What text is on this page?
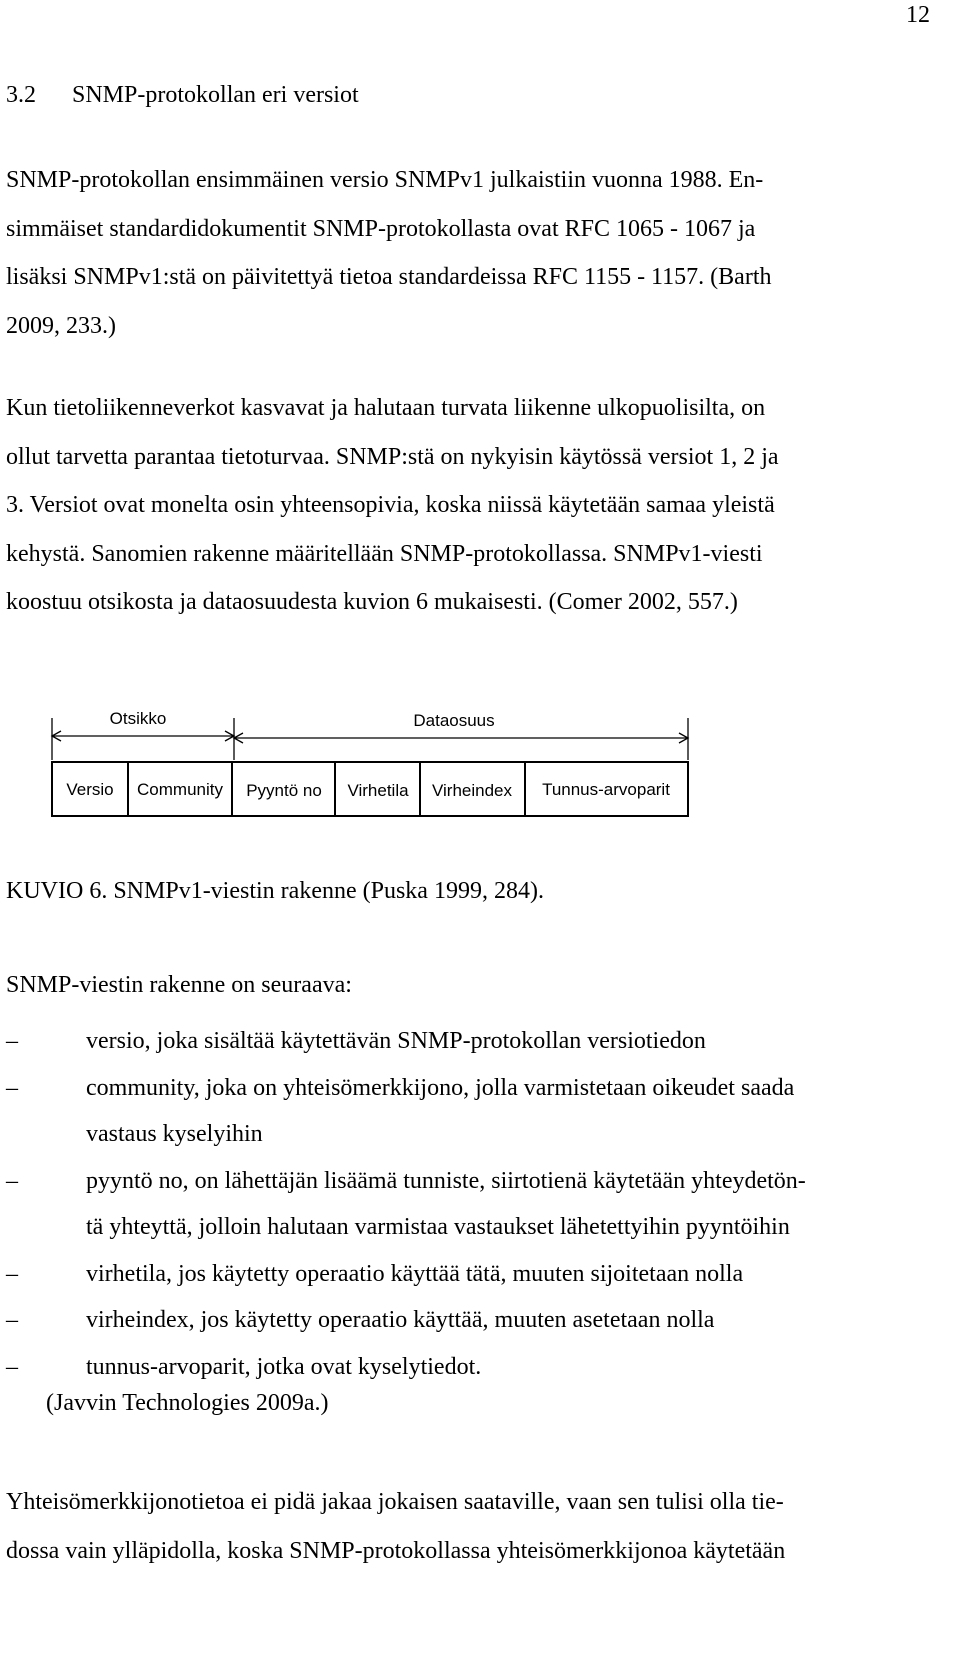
12
3.2 SNMP-protokollan eri versiot

SNMP-protokollan ensimmäinen versio SNMPv1 julkaistiin vuonna 1988. En-
simmäiset standardidokumentit SNMP-protokollasta ovat RFC 1065 - 1067 ja
lisäksi SNMPv1:stä on päivitettyä tietoa standardeissa RFC 1155 - 1157. (Barth
2009, 233.)

Kun tietoliikenneverkot kasvavat ja halutaan turvata liikenne ulkopuolisilta, on
ollut tarvetta parantaa tietoturvaa. SNMP:stä on nykyisin käytössä versiot 1, 2 ja
3. Versiot ovat monelta osin yhteensopivia, koska niissä käytetään samaa yleistä
kehystä. Sanomien rakenne määritellään SNMP-protokollassa. SNMPv1-viesti
koostuu otsikosta ja dataosuudesta kuvion 6 mukaisesti. (Comer 2002, 557.)

Otsikko	Dataosuus
Versio Community Pyyntö no Virhetila Virheindex Tunnus-arvoparit
KUVIO 6. SNMPv1-viestin rakenne (Puska 1999, 284).
SNMP-viestin rakenne on seuraava:
–	versio, joka sisältää käytettävän SNMP-protokollan versiotiedon
–	community, joka on yhteisömerkkijono, jolla varmistetaan oikeudet saada
vastaus kyselyihin
–	pyyntö no, on lähettäjän lisäämä tunniste, siirtotienä käytetään yhteydetön-
tä yhteyttä, jolloin halutaan varmistaa vastaukset lähetettyihin pyyntöihin
–	virhetila, jos käytetty operaatio käyttää tätä, muuten sijoitetaan nolla
–	virheindex, jos käytetty operaatio käyttää, muuten asetetaan nolla
–	tunnus-arvoparit, jotka ovat kyselytiedot.
(Javvin Technologies 2009a.)

Yhteisömerkkijonotietoa ei pidä jakaa jokaisen saataville, vaan sen tulisi olla tie-
dossa vain ylläpidolla, koska SNMP-protokollassa yhteisömerkkijonoa käytetään
